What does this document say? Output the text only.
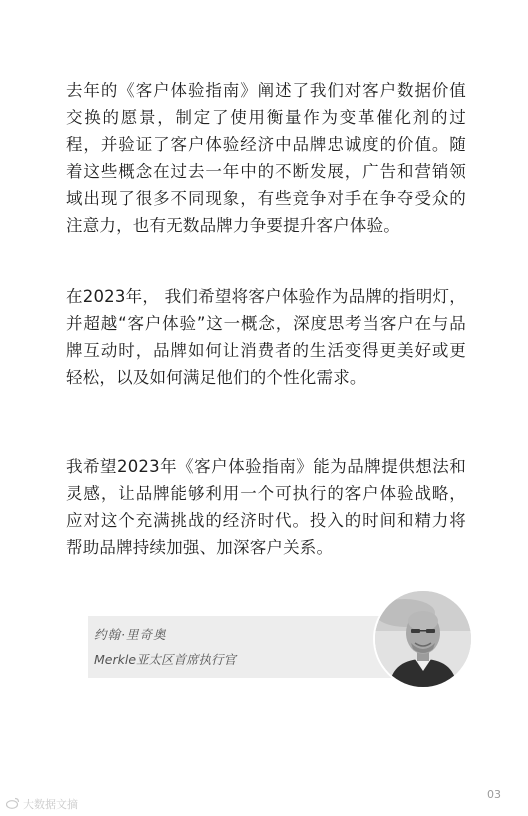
去年的《客户体验指南》阐述了我们对客户数据价值交换的愿景，制定了使用衡量作为变革催化剂的过程，并验证了客户体验经济中品牌忠诚度的价值。随着这些概念在过去一年中的不断发展，广告和营销领域出现了很多不同现象，有些竞争对手在争夺受众的注意力，也有无数品牌力争要提升客户体验。
在2023年， 我们希望将客户体验作为品牌的指明灯，并超越“客户体验”这一概念，深度思考当客户在与品牌互动时，品牌如何让消费者的生活变得更美好或更轻松，以及如何满足他们的个性化需求。
我希望2023年《客户体验指南》能为品牌提供想法和灵感，让品牌能够利用一个可执行的客户体验战略，应对这个充满挑战的经济时代。投入的时间和精力将帮助品牌持续加强、加深客户关系。
约翰·里奇奥
Merkle亚太区首席执行官
03
大数据文摘
